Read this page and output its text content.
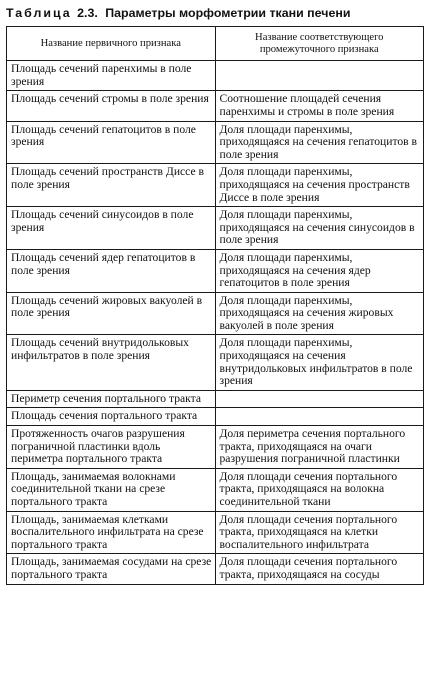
Таблица 2.3. Параметры морфометрии ткани печени
Название первичного признака	Название соответствующего промежуточного признака
Площадь сечений паренхимы в поле зрения	
Площадь сечений стромы в поле зрения	Соотношение площадей сечения паренхимы и стромы в поле зрения
Площадь сечений гепатоцитов в поле зрения	Доля площади паренхимы, приходящаяся на сечения гепатоцитов в поле зрения
Площадь сечений пространств Диссе в поле зрения	Доля площади паренхимы, приходящаяся на сечения пространств Диссе в поле зрения
Площадь сечений синусоидов в поле зрения	Доля площади паренхимы, приходящаяся на сечения синусоидов в поле зрения
Площадь сечений ядер гепатоцитов в поле зрения	Доля площади паренхимы, приходящаяся на сечения ядер гепатоцитов в поле зрения
Площадь сечений жировых вакуолей в поле зрения	Доля площади паренхимы, приходящаяся на сечения жировых вакуолей в поле зрения
Площадь сечений внутридольковых инфильтратов в поле зрения	Доля площади паренхимы, приходящаяся на сечения внутридольковых инфильтратов в поле зрения
Периметр сечения портального тракта	
Площадь сечения портального тракта	
Протяженность очагов разрушения пограничной пластинки вдоль периметра портального тракта	Доля периметра сечения портального тракта, приходящаяся на очаги разрушения пограничной пластинки
Площадь, занимаемая волокнами соединительной ткани на срезе портального тракта	Доля площади сечения портального тракта, приходящаяся на волокна соединительной ткани
Площадь, занимаемая клетками воспалительного инфильтрата на срезе портального тракта	Доля площади сечения портального тракта, приходящаяся на клетки воспалительного инфильтрата
Площадь, занимаемая сосудами на срезе портального тракта	Доля площади сечения портального тракта, приходящаяся на сосуды
